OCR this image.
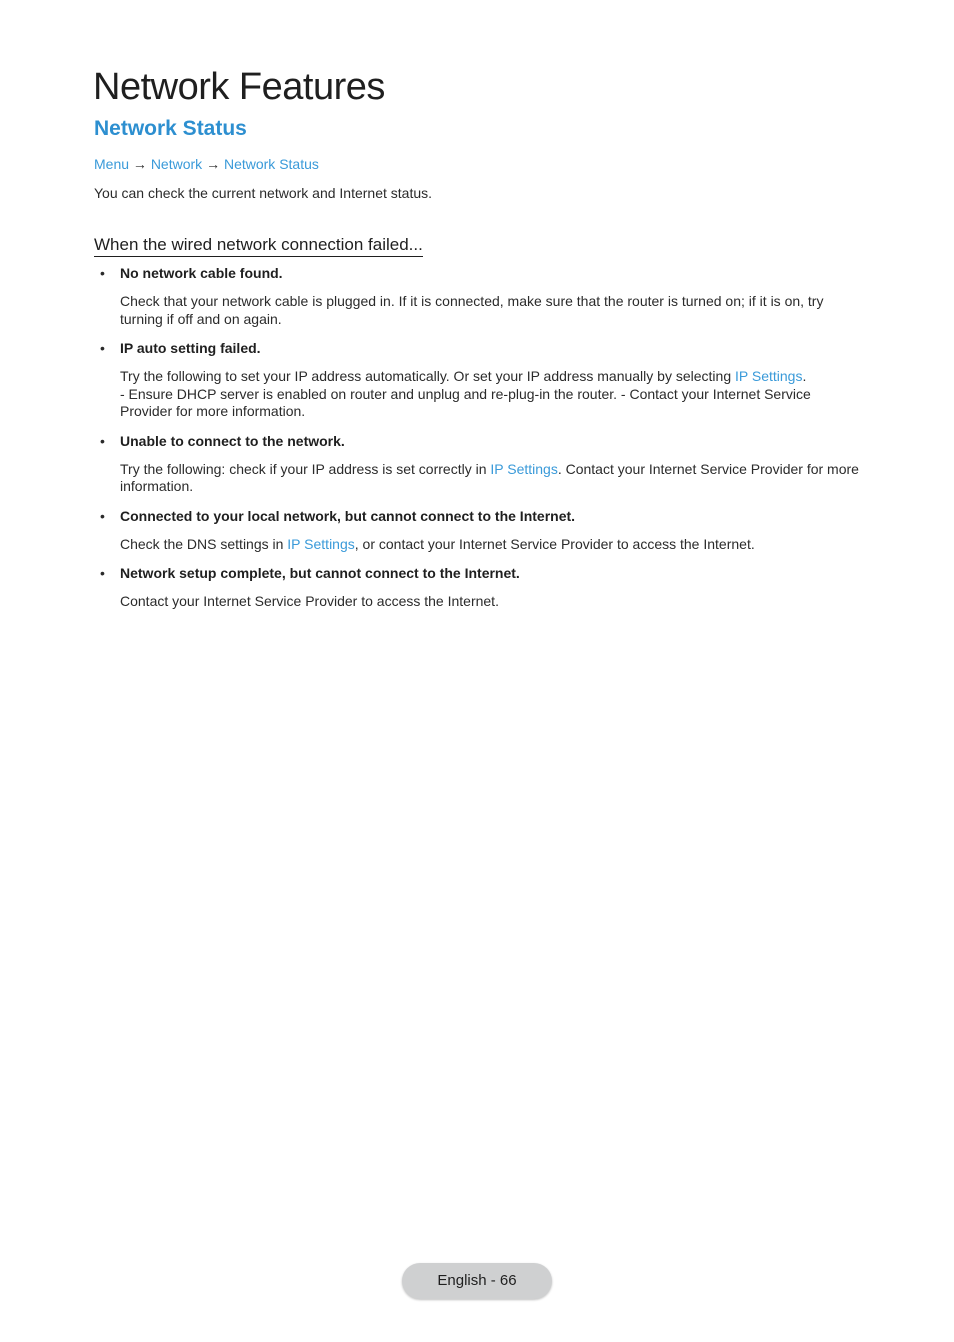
Network Features
Network Status
Menu → Network → Network Status

You can check the current network and Internet status.

When the wired network connection failed...
• No network cable found.
Check that your network cable is plugged in. If it is connected, make sure that the router is turned on; if it is on, try turning if off and on again.
• IP auto setting failed.
Try the following to set your IP address automatically. Or set your IP address manually by selecting IP Settings.
- Ensure DHCP server is enabled on router and unplug and re-plug-in the router. - Contact your Internet Service Provider for more information.
• Unable to connect to the network.
Try the following: check if your IP address is set correctly in IP Settings. Contact your Internet Service Provider for more information.
• Connected to your local network, but cannot connect to the Internet.
Check the DNS settings in IP Settings, or contact your Internet Service Provider to access the Internet.
• Network setup complete, but cannot connect to the Internet.
Contact your Internet Service Provider to access the Internet.
English - 66
